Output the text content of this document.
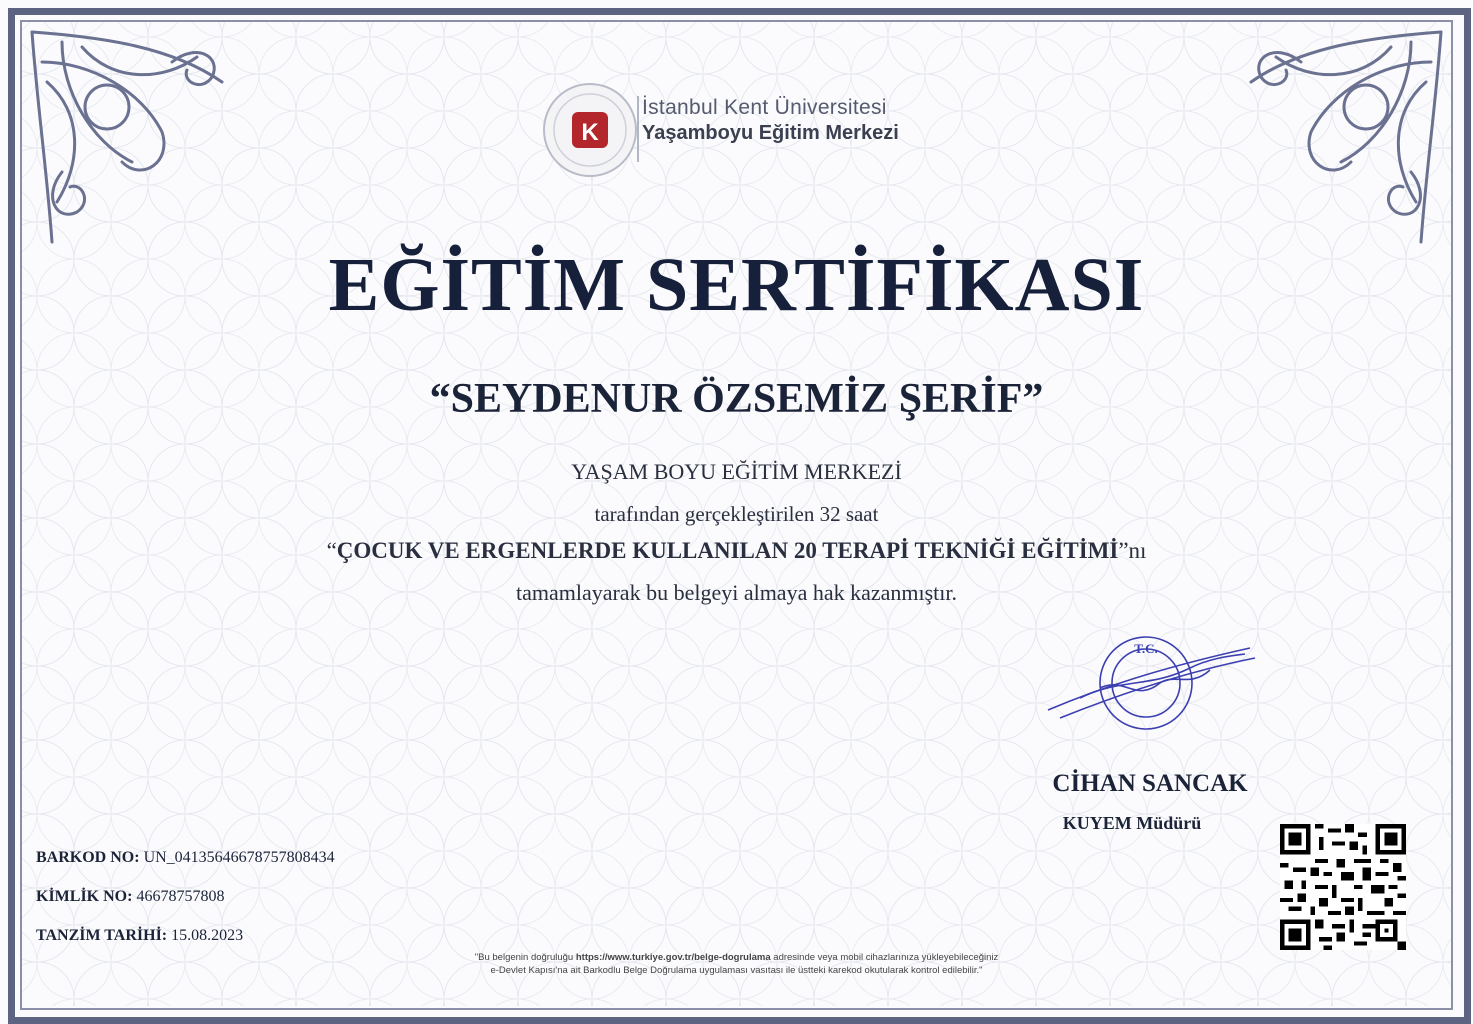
K
İstanbul Kent Üniversitesi
Yaşamboyu Eğitim Merkezi
EĞİTİM SERTİFİKASI
“SEYDENUR ÖZSEMİZ ŞERİF”
YAŞAM BOYU EĞİTİM MERKEZİ
tarafından gerçekleştirilen 32 saat
“ÇOCUK VE ERGENLERDE KULLANILAN 20 TERAPİ TEKNİĞİ EĞİTİMİ”nı
tamamlayarak bu belgeyi almaya hak kazanmıştır.
T.C.
CİHAN SANCAK
KUYEM Müdürü
BARKOD NO: UN_0413564667875780​8434
KİMLİK NO: 46678757808
TANZİM TARİHİ: 15.08.2023
"Bu belgenin doğruluğu https://www.turkiye.gov.tr/belge-dogrulama adresinde veya mobil cihazlarınıza yükleyebileceğiniz
e-Devlet Kapısı'na ait Barkodlu Belge Doğrulama uygulaması vasıtası ile üstteki karekod okutularak kontrol edilebilir."
